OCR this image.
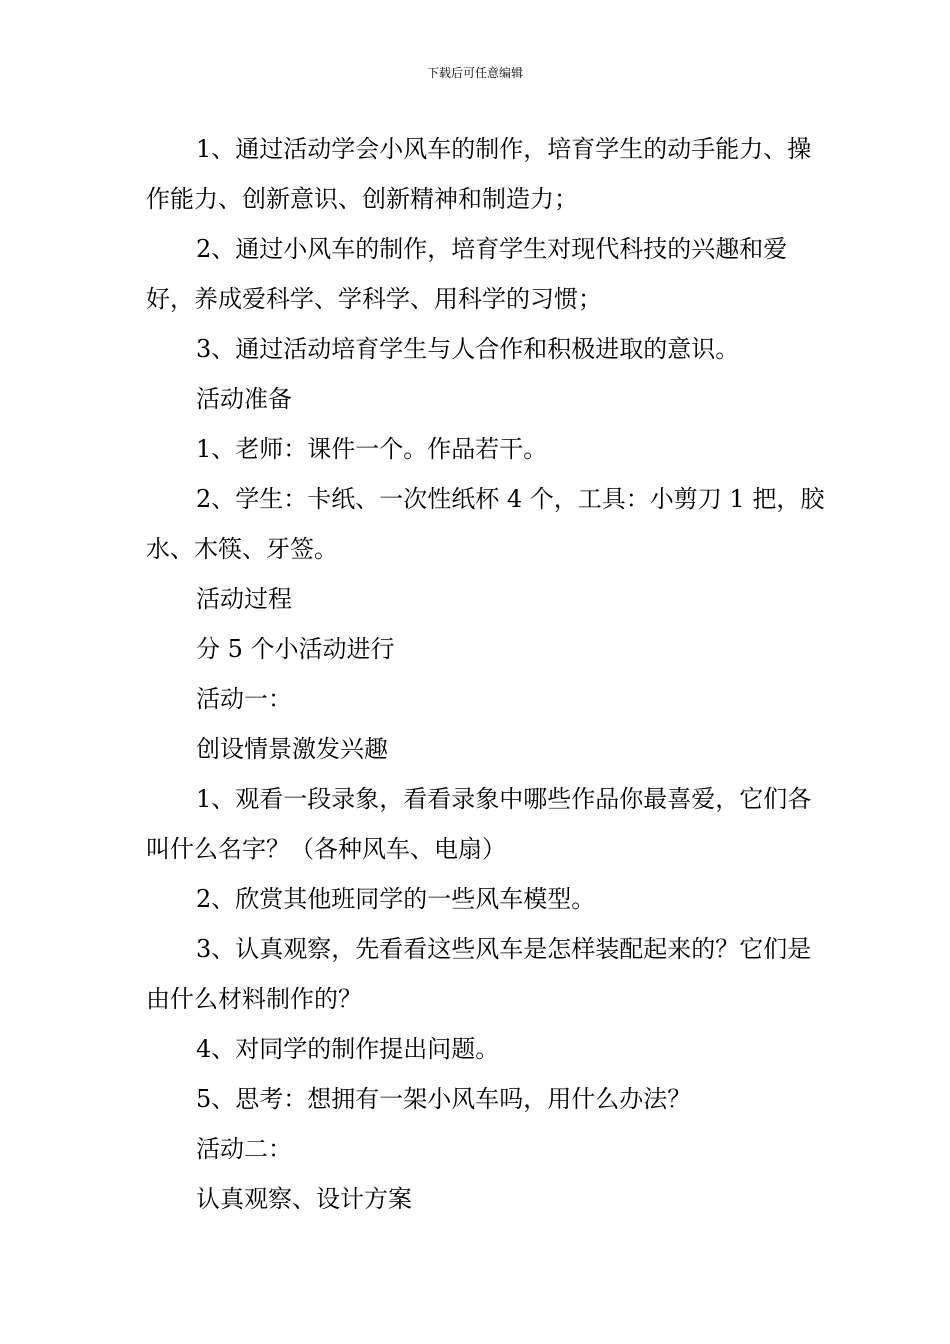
下载后可任意编辑

1、通过活动学会小风车的制作，培育学生的动手能力、操作能力、创新意识、创新精神和制造力；

2、通过小风车的制作，培育学生对现代科技的兴趣和爱好，养成爱科学、学科学、用科学的习惯；

3、通过活动培育学生与人合作和积极进取的意识。

活动准备

1、老师：课件一个。作品若干。

2、学生：卡纸、一次性纸杯 4 个，工具：小剪刀 1 把，胶水、木筷、牙签。

活动过程

分 5 个小活动进行

活动一：

创设情景激发兴趣

1、观看一段录象，看看录象中哪些作品你最喜爱，它们各叫什么名字？（各种风车、电扇）

2、欣赏其他班同学的一些风车模型。

3、认真观察，先看看这些风车是怎样装配起来的？它们是由什么材料制作的？

4、对同学的制作提出问题。

5、思考：想拥有一架小风车吗，用什么办法？

活动二：

认真观察、设计方案
